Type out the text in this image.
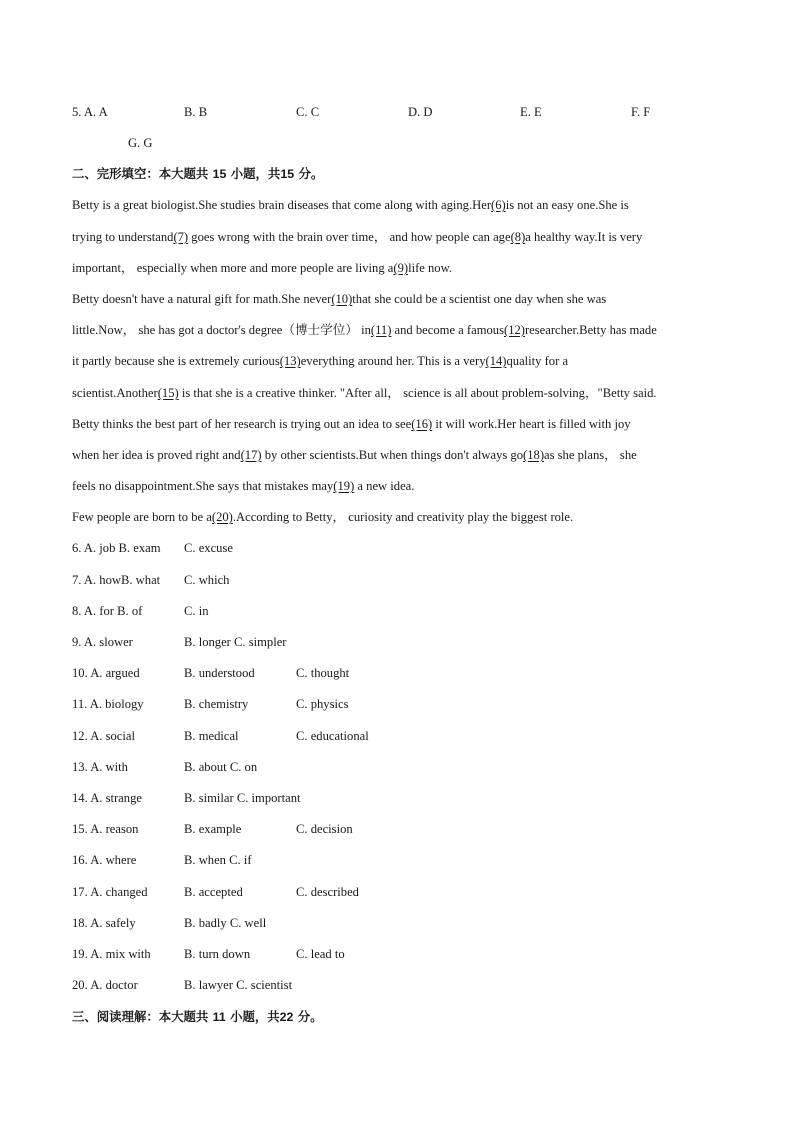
5. A. A	B. B	C. C	D. D	E. E	F. F
G. G
二、完形填空：本大题共 15 小题，共15 分。
Betty is a great biologist.She studies brain diseases that come along with aging.Her(6)is not an easy one.She is
trying to understand(7) goes wrong with the brain over time， and how people can age(8)a healthy way.It is very
important， especially when more and more people are living a(9)life now.
Betty doesn't have a natural gift for math.She never(10)that she could be a scientist one day when she was
little.Now， she has got a doctor's degree（博士学位） in(11) and become a famous(12)researcher.Betty has made
it partly because she is extremely curious(13)everything around her. This is a very(14)quality for a
scientist.Another(15) is that she is a creative thinker. "After all， science is all about problem-solving，"Betty said.
Betty thinks the best part of her research is trying out an idea to see(16) it will work.Her heart is filled with joy
when her idea is proved right and(17) by other scientists.But when things don't always go(18)as she plans， she
feels no disappointment.She says that mistakes may(19) a new idea.
Few people are born to be a(20).According to Betty， curiosity and creativity play the biggest role.
6. A. job B. exam C. excuse
7. A. howB. what C. which
8. A. for B. of	C. in
9. A. slower	B. longer C. simpler
10. A. argued	B. understood	C. thought
11. A. biology	B. chemistry	C. physics
12. A. social	B. medical	C. educational
13. A. with	B. about C. on
14. A. strange	B. similar C. important
15. A. reason	B. example	C. decision
16. A. where	B. when C. if
17. A. changed	B. accepted	C. described
18. A. safely	B. badly C. well
19. A. mix with	B. turn down	C. lead to
20. A. doctor	B. lawyer C. scientist
三、阅读理解：本大题共 11 小题，共22 分。
